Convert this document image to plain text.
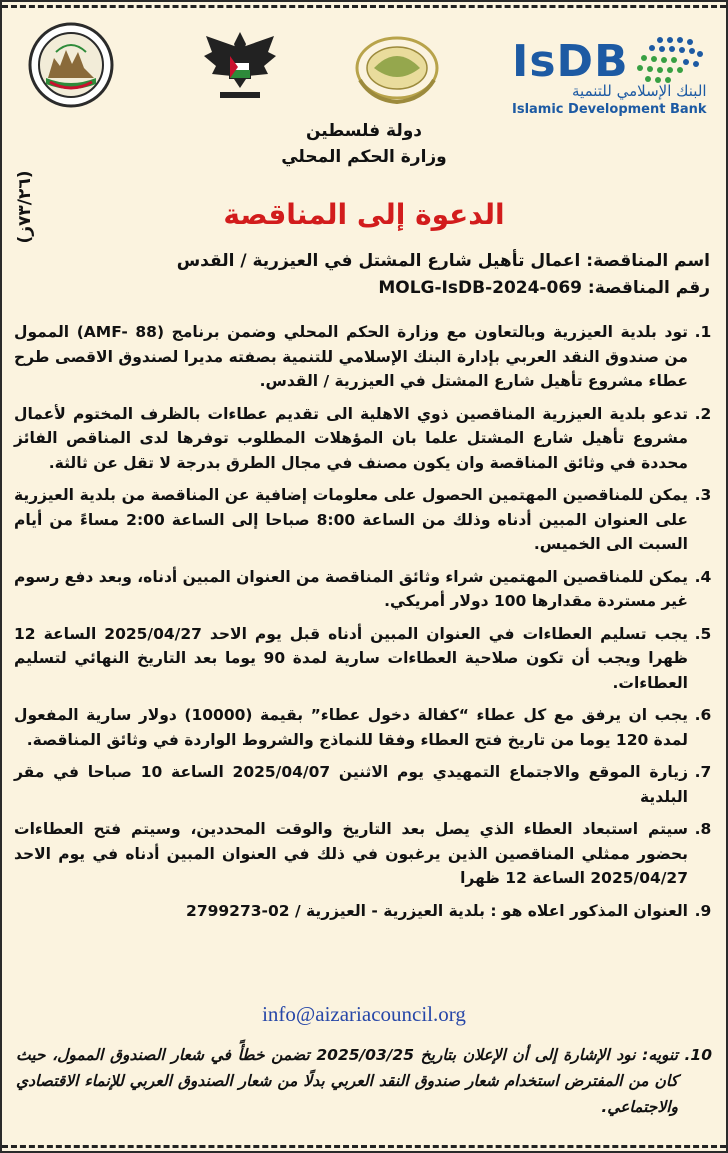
IsDB
البنك الإسلامي للتنمية
Islamic Development Bank
دولة فلسطين
وزارة الحكم المحلي
(٧٣/٢٦ز)
الدعوة إلى المناقصة
اسم المناقصة: اعمال تأهيل شارع المشتل في العيزرية / القدس
رقم المناقصة: MOLG-IsDB-2024-069
1.
تود بلدية العيزرية وبالتعاون مع وزارة الحكم المحلي وضمن برنامج (AMF- 88) الممول من صندوق النقد العربي بإدارة البنك الإسلامي للتنمية بصفته مديرا لصندوق الاقصى طرح عطاء مشروع تأهيل شارع المشتل في العيزرية / القدس.
2.
تدعو بلدية العيزرية المناقصين ذوي الاهلية الى تقديم عطاءات بالظرف المختوم لأعمال مشروع تأهيل شارع المشتل علما بان المؤهلات المطلوب توفرها لدى المناقص الفائز محددة في وثائق المناقصة وان يكون مصنف في مجال الطرق بدرجة لا تقل عن ثالثة.
3.
يمكن للمناقصين المهتمين الحصول على معلومات إضافية عن المناقصة من بلدية العيزرية على العنوان المبين أدناه وذلك من الساعة 8:00 صباحا إلى الساعة 2:00 مساءً من أيام السبت الى الخميس.
4.
يمكن للمناقصين المهتمين شراء وثائق المناقصة من العنوان المبين أدناه، وبعد دفع رسوم غير مستردة مقدارها 100 دولار أمريكي.
5.
يجب تسليم العطاءات في العنوان المبين أدناه قبل يوم الاحد 2025/04/27 الساعة 12 ظهرا ويجب أن تكون صلاحية العطاءات سارية لمدة 90 يوما بعد التاريخ النهائي لتسليم العطاءات.
6.
يجب ان يرفق مع كل عطاء “كفالة دخول عطاء” بقيمة (10000) دولار سارية المفعول لمدة 120 يوما من تاريخ فتح العطاء وفقا للنماذج والشروط الواردة في وثائق المناقصة.
7.
زيارة الموقع والاجتماع التمهيدي يوم الاثنين 2025/04/07 الساعة 10 صباحا في مقر البلدية
8.
سيتم استبعاد العطاء الذي يصل بعد التاريخ والوقت المحددين، وسيتم فتح العطاءات بحضور ممثلي المناقصين الذين يرغبون في ذلك في العنوان المبين أدناه في يوم الاحد 2025/04/27 الساعة 12 ظهرا
9.
العنوان المذكور اعلاه هو : بلدية العيزرية - العيزرية / 02-2799273
info@aizariacouncil.org
10.
تنويه: نود الإشارة إلى أن الإعلان بتاريخ 2025/03/25 تضمن خطأً في شعار الصندوق الممول، حيث كان من المفترض استخدام شعار صندوق النقد العربي بدلًا من شعار الصندوق العربي للإنماء الاقتصادي والاجتماعي.
